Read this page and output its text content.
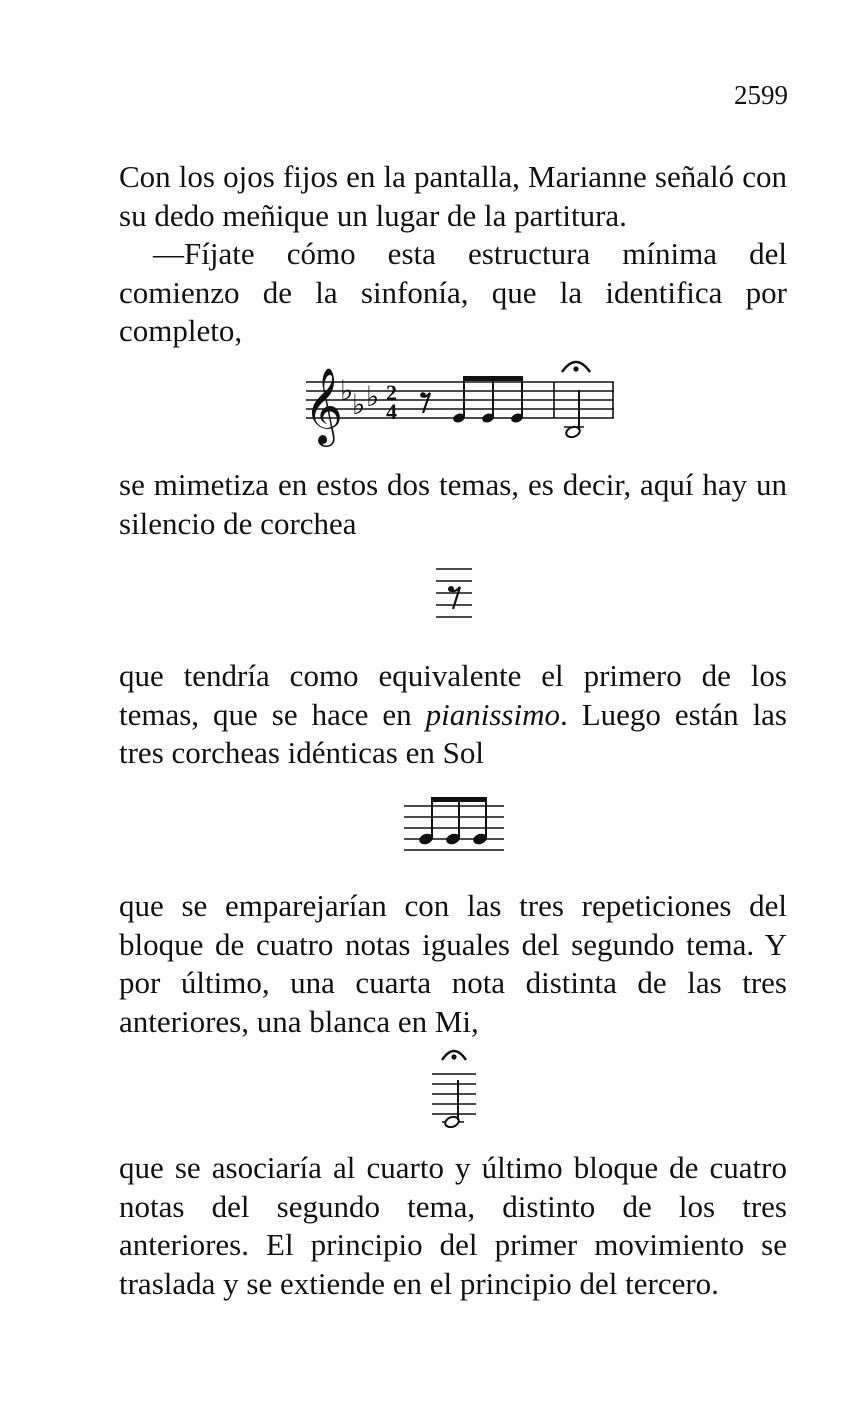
2599

Con los ojos fijos en la pantalla, Marianne señaló con su dedo meñique un lugar de la partitura.

—Fíjate cómo esta estructura mínima del comienzo de la sinfonía, que la identifica por completo,

𝄞
♭
♭ ♭ 2
4

se mimetiza en estos dos temas, es decir, aquí hay un silencio de corchea

que tendría como equivalente el primero de los temas, que se hace en pianissimo. Luego están las tres corcheas idénticas en Sol

que se emparejarían con las tres repeticiones del bloque de cuatro notas iguales del segundo tema. Y por último, una cuarta nota distinta de las tres anteriores, una blanca en Mi,

que se asociaría al cuarto y último bloque de cuatro notas del segundo tema, distinto de los tres anteriores. El principio del primer movimiento se traslada y se extiende en el principio del tercero.
